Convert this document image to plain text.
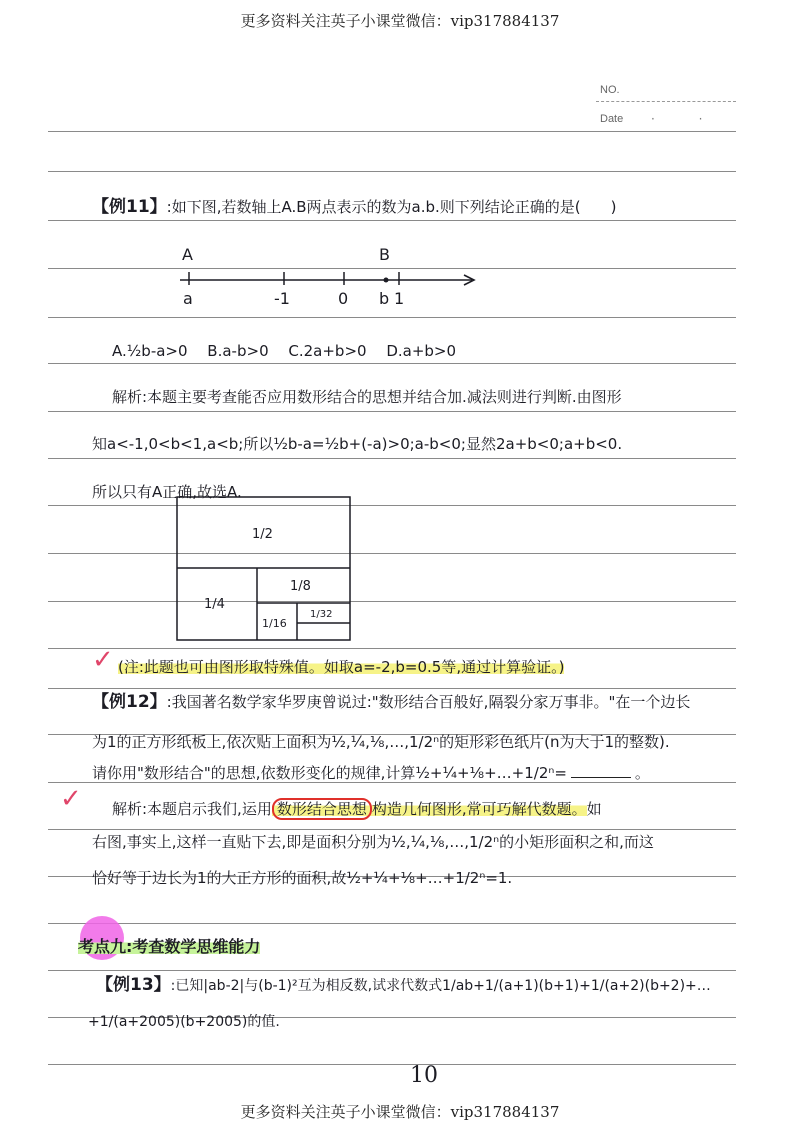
更多资料关注英子小课堂微信：vip317884137
NO.
Date · ·
【例11】:如下图,若数轴上A.B两点表示的数为a.b.则下列结论正确的是(　　)
A	B
a	-1	0 b 1
A.½b-a>0　 B.a-b>0　 C.2a+b>0　 D.a+b>0
解析:本题主要考查能否应用数形结合的思想并结合加.减法则进行判断.由图形
知a<-1,0<b<1,a<b;所以½b-a=½b+(-a)>0;a-b<0;显然2a+b<0;a+b<0.
所以只有A正确,故选A.
1/2
1/4
1/8
1/16
1/32
✓ (注:此题也可由图形取特殊值。如取a=-2,b=0.5等,通过计算验证。)
【例12】:我国著名数学家华罗庚曾说过:"数形结合百般好,隔裂分家万事非。"在一个边长
为1的正方形纸板上,依次贴上面积为½,¼,⅛,…,1/2ⁿ的矩形彩色纸片(n为大于1的整数).
请你用"数形结合"的思想,依数形变化的规律,计算½+¼+⅛+…+1/2ⁿ=	。
✓ 解析:本题启示我们,运用 数形结合思想 构造几何图形,常可巧解代数题。如
右图,事实上,这样一直贴下去,即是面积分别为½,¼,⅛,…,1/2ⁿ的小矩形面积之和,而这
恰好等于边长为1的大正方形的面积,故½+¼+⅛+…+1/2ⁿ=1.
考点九:考查数学思维能力
【例13】:已知|ab-2|与(b-1)²互为相反数,试求代数式1/ab+1/(a+1)(b+1)+1/(a+2)(b+2)+…
+1/(a+2005)(b+2005)的值.
10
更多资料关注英子小课堂微信：vip317884137
